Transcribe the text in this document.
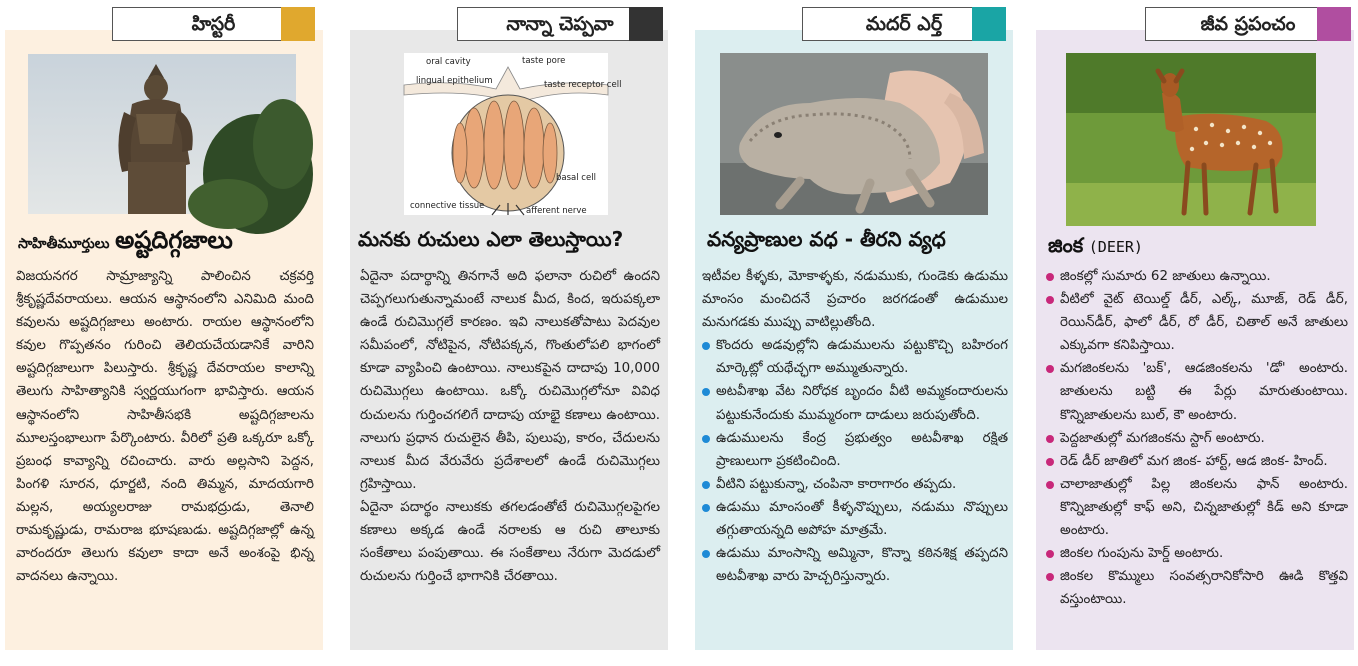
హిస్టరీ
సాహితీమూర్తులు అష్టదిగ్గజాలు

విజయనగర సామ్రాజ్యాన్ని పాలించిన చక్రవర్తి శ్రీకృష్ణదేవరాయలు. ఆయన ఆస్థానంలోని ఎనిమిది మంది కవులను అష్టదిగ్గజాలు అంటారు. రాయల ఆస్థానంలోని కవుల గొప్పతనం గురించి తెలియచేయడానికే వారిని అష్టదిగ్గజాలుగా పిలుస్తారు. శ్రీకృష్ణ దేవరాయల కాలాన్ని తెలుగు సాహిత్యానికి స్వర్ణయుగంగా భావిస్తారు. ఆయన ఆస్థానంలోని సాహితీసభకి అష్టదిగ్గజాలను మూలస్తంభాలుగా పేర్కొంటారు. వీరిలో ప్రతి ఒక్కరూ ఒక్కో ప్రబంధ కావ్యాన్ని రచించారు. వారు అల్లసాని పెద్దన, పింగళి సూరన, ధూర్జటి, నంది తిమ్మన, మాదయగారి మల్లన, అయ్యలరాజు రామభద్రుడు, తెనాలి రామకృష్ణుడు, రామరాజ భూషణుడు. అష్టదిగ్గజాల్లో ఉన్న వారందరూ తెలుగు కవులా కాదా అనే అంశంపై భిన్న వాదనలు ఉన్నాయి.

నాన్నా చెప్పవా
oral cavity	taste pore
lingual epithelium	taste receptor cell
basal cell
connective tissue	afferent nerve
మనకు రుచులు ఎలా తెలుస్తాయి?

ఏదైనా పదార్థాన్ని తినగానే అది ఫలానా రుచిలో ఉందని చెప్పగలుగుతున్నామంటే నాలుక మీద, కింద, ఇరుపక్కలా ఉండే రుచిమొగ్గలే కారణం. ఇవి నాలుకతోపాటు పెదవుల సమీపంలో, నోటిపైన, నోటిపక్కన, గొంతులోపలి భాగంలో కూడా వ్యాపించి ఉంటాయి. నాలుకపైన దాదాపు 10,000 రుచిమొగ్గలు ఉంటాయి. ఒక్కో రుచిమొగ్గలోనూ వివిధ రుచులను గుర్తించగలిగే దాదాపు యాభై కణాలు ఉంటాయి. నాలుగు ప్రధాన రుచులైన తీపి, పులుపు, కారం, చేదులను నాలుక మీద వేరువేరు ప్రదేశాలలో ఉండే రుచిమొగ్గలు గ్రహిస్తాయి.

ఏదైనా పదార్థం నాలుకకు తగలడంతోటే రుచిమొగ్గలపైగల కణాలు అక్కడ ఉండే నరాలకు ఆ రుచి తాలూకు సంకేతాలు పంపుతాయి. ఈ సంకేతాలు నేరుగా మెదడులో రుచులను గుర్తించే భాగానికి చేరతాయి.

మదర్ ఎర్త్
వన్యప్రాణుల వధ - తీరని వ్యధ

ఇటీవల కీళ్ళకు, మోకాళ్ళకు, నడుముకు, గుండెకు ఉడుము మాంసం మంచిదనే ప్రచారం జరగడంతో ఉడుముల మనుగడకు ముప్పు వాటిల్లుతోంది.

కొందరు అడవుల్లోని ఉడుములను పట్టుకొచ్చి బహిరంగ మార్కెట్లో యథేచ్ఛగా అమ్ముతున్నారు.
అటవీశాఖ వేట నిరోధక బృందం వీటి అమ్మకందారులను పట్టుకునేందుకు ముమ్మరంగా దాడులు జరుపుతోంది.
ఉడుములను కేంద్ర ప్రభుత్వం అటవీశాఖ రక్షిత ప్రాణులుగా ప్రకటించింది.
వీటిని పట్టుకున్నా, చంపినా కారాగారం తప్పదు.
ఉడుము మాంసంతో కీళ్ళనొప్పులు, నడుము నొప్పులు తగ్గుతాయన్నది అపోహ మాత్రమే.
ఉడుము మాంసాన్ని అమ్మినా, కొన్నా కఠినశిక్ష తప్పదని అటవీశాఖ వారు హెచ్చరిస్తున్నారు.
జీవ ప్రపంచం
జింక (DEER)
జింకల్లో సుమారు 62 జాతులు ఉన్నాయి.
వీటిలో వైట్ టెయిల్డ్ డీర్, ఎల్క్, మూజ్, రెడ్ డీర్, రెయిన్‌డీర్, ఫాలో డీర్, రో డీర్, చితాల్ అనే జాతులు ఎక్కువగా కనిపిస్తాయి.
మగజింకలను 'బక్', ఆడజింకలను 'డో' అంటారు. జాతులను బట్టి ఈ పేర్లు మారుతుంటాయి. కొన్నిజాతులను బుల్, కౌ అంటారు.
పెద్దజాతుల్లో మగజింకను స్టాగ్ అంటారు.
రెడ్ డీర్ జాతిలో మగ జింక- హార్ట్, ఆడ జింక- హింద్.
చాలాజాతుల్లో పిల్ల జింకలను ఫాన్ అంటారు. కొన్నిజాతుల్లో కాఫ్ అని, చిన్నజాతుల్లో కిడ్ అని కూడా అంటారు.
జింకల గుంపును హెర్డ్ అంటారు.
జింకల కొమ్ములు సంవత్సరానికోసారి ఊడి కొత్తవి వస్తుంటాయి.
